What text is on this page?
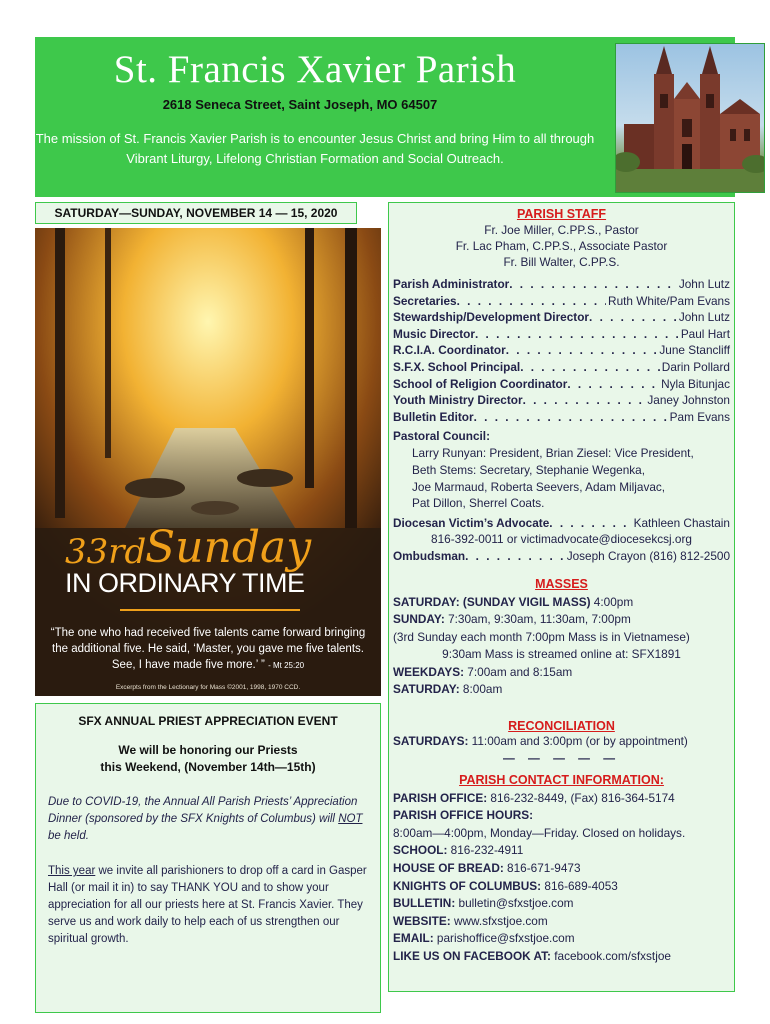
St. Francis Xavier Parish
2618 Seneca Street, Saint Joseph, MO 64507
The mission of St. Francis Xavier Parish is to encounter Jesus Christ and bring Him to all through Vibrant Liturgy, Lifelong Christian Formation and Social Outreach.
SATURDAY—SUNDAY, NOVEMBER 14 — 15, 2020
33rd
Sunday
IN ORDINARY TIME
“The one who had received five talents came forward bringing the additional five. He said, ‘Master, you gave me five talents. See, I have made five more.’ ” - Mt 25:20
Excerpts from the Lectionary for Mass ©2001, 1998, 1970 CCD.
SFX ANNUAL PRIEST APPRECIATION EVENT
We will be honoring our Priests
this Weekend, (November 14th—15th)
Due to COVID-19, the Annual All Parish Priests’ Appreciation Dinner (sponsored by the SFX Knights of Columbus) will NOT be held.
This year we invite all parishioners to drop off a card in Gasper Hall (or mail it in) to say THANK YOU and to show your appreciation for all our priests here at St. Francis Xavier. They serve us and work daily to help each of us strengthen our spiritual growth.
PARISH STAFF
Fr. Joe Miller, C.PP.S., Pastor
Fr. Lac Pham, C.PP.S., Associate Pastor
Fr. Bill Walter, C.PP.S.
Parish Administrator . . .	John Lutz
Secretaries . . .	Ruth White/Pam Evans
Stewardship/Development Director . . .	John Lutz
Music Director . . .	Paul Hart
R.C.I.A. Coordinator . . .	June Stancliff
S.F.X. School Principal . . .	Darin Pollard
School of Religion Coordinator . . .	Nyla Bitunjac
Youth Ministry Director . . .	Janey Johnston
Bulletin Editor . . .	Pam Evans
Pastoral Council:
Larry Runyan: President, Brian Ziesel: Vice President,
Beth Stems: Secretary, Stephanie Wegenka,
Joe Marmaud, Roberta Seevers, Adam Miljavac,
Pat Dillon, Sherrel Coats.
Diocesan Victim’s Advocate . . .	Kathleen Chastain
816-392-0011 or victimadvocate@diocesekcsj.org
Ombudsman . . .	Joseph Crayon (816) 812-2500
MASSES
SATURDAY: (SUNDAY VIGIL MASS) 4:00pm
SUNDAY: 7:30am, 9:30am, 11:30am, 7:00pm
(3rd Sunday each month 7:00pm Mass is in Vietnamese)
9:30am Mass is streamed online at: SFX1891
WEEKDAYS: 7:00am and 8:15am
SATURDAY: 8:00am
RECONCILIATION
SATURDAYS: 11:00am and 3:00pm (or by appointment)
— — — — —
PARISH CONTACT INFORMATION:
PARISH OFFICE: 816-232-8449, (Fax) 816-364-5174
PARISH OFFICE HOURS:
8:00am—4:00pm, Monday—Friday. Closed on holidays.
SCHOOL: 816-232-4911
HOUSE OF BREAD: 816-671-9473
KNIGHTS OF COLUMBUS: 816-689-4053
BULLETIN: bulletin@sfxstjoe.com
WEBSITE: www.sfxstjoe.com
EMAIL: parishoffice@sfxstjoe.com
LIKE US ON FACEBOOK AT: facebook.com/sfxstjoe
